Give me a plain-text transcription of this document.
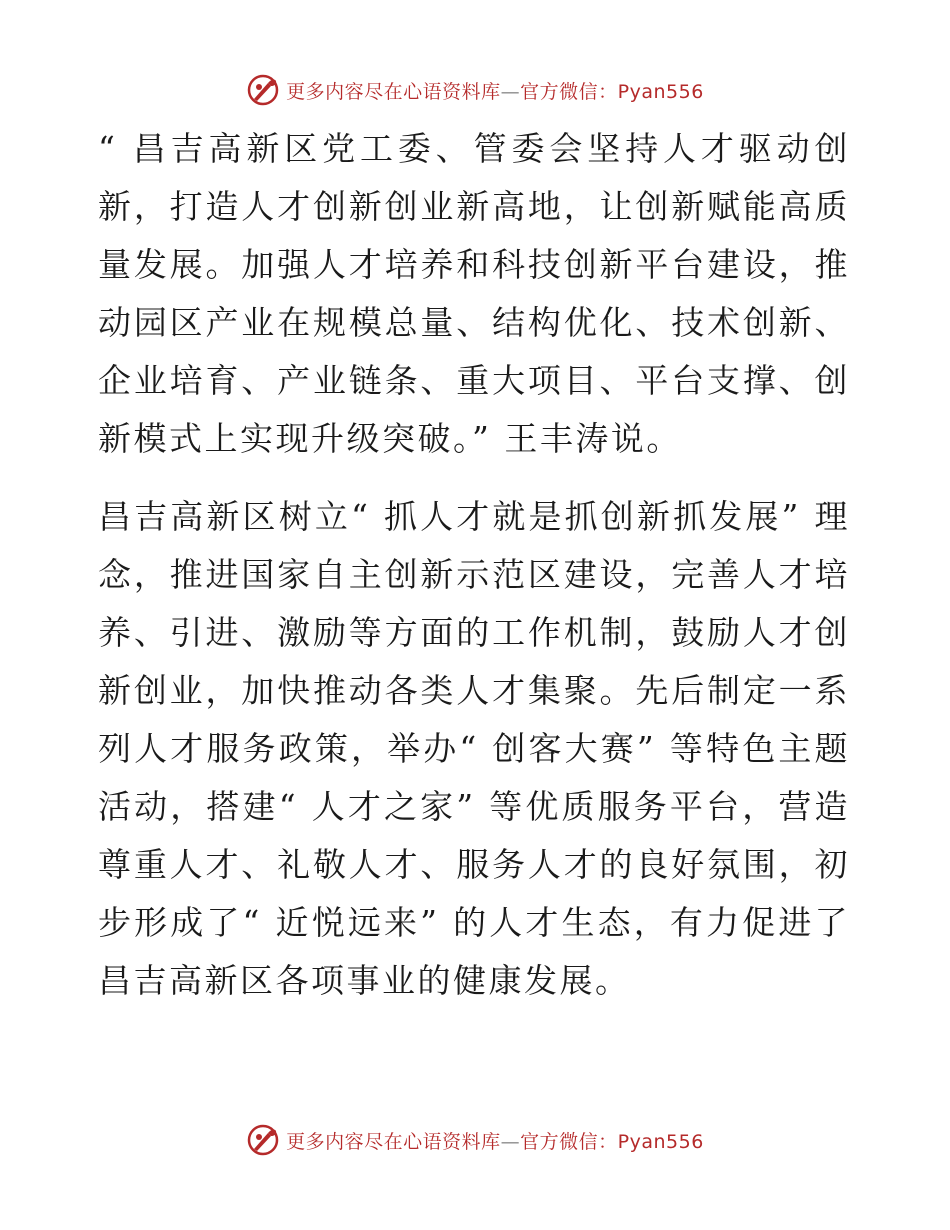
更多内容尽在心语资料库—官方微信：Pyan556

“ 昌吉高新区党工委、管委会坚持人才驱动创新，打造人才创新创业新高地，让创新赋能高质量发展。加强人才培养和科技创新平台建设，推动园区产业在规模总量、结构优化、技术创新、企业培育、产业链条、重大项目、平台支撑、创新模式上实现升级突破。” 王丰涛说。

昌吉高新区树立“ 抓人才就是抓创新抓发展” 理念，推进国家自主创新示范区建设，完善人才培养、引进、激励等方面的工作机制，鼓励人才创新创业，加快推动各类人才集聚。先后制定一系列人才服务政策，举办“ 创客大赛” 等特色主题活动，搭建“ 人才之家” 等优质服务平台，营造尊重人才、礼敬人才、服务人才的良好氛围，初步形成了“ 近悦远来” 的人才生态，有力促进了昌吉高新区各项事业的健康发展。

更多内容尽在心语资料库—官方微信：Pyan556
